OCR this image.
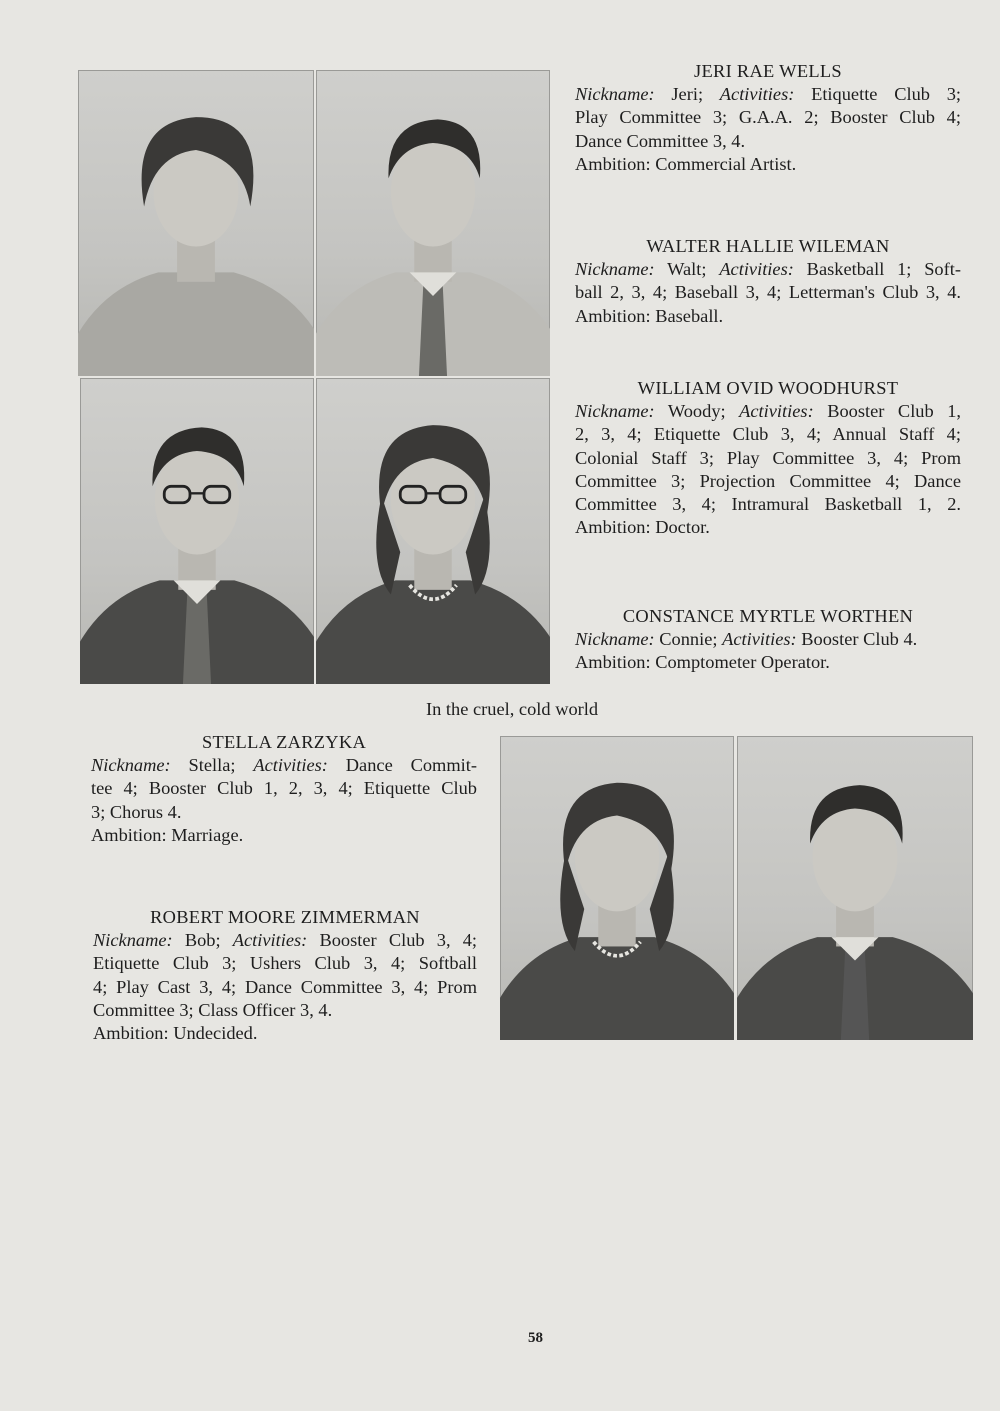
JERI RAE WELLS
Nickname: Jeri; Activities: Etiquette Club 3;
Play Committee 3; G.A.A. 2; Booster Club 4;
Dance Committee 3, 4.
Ambition: Commercial Artist.
WALTER HALLIE WILEMAN
Nickname: Walt; Activities: Basketball 1; Soft-
ball 2, 3, 4; Baseball 3, 4; Letterman's Club 3, 4.
Ambition: Baseball.
WILLIAM OVID WOODHURST
Nickname: Woody; Activities: Booster Club 1,
2, 3, 4; Etiquette Club 3, 4; Annual Staff 4;
Colonial Staff 3; Play Committee 3, 4; Prom
Committee 3; Projection Committee 4; Dance
Committee 3, 4; Intramural Basketball 1, 2.
Ambition: Doctor.
CONSTANCE MYRTLE WORTHEN
Nickname: Connie; Activities: Booster Club 4.
Ambition: Comptometer Operator.
In the cruel, cold world
STELLA ZARZYKA
Nickname: Stella; Activities: Dance Commit-
tee 4; Booster Club 1, 2, 3, 4; Etiquette Club
3; Chorus 4.
Ambition: Marriage.
ROBERT MOORE ZIMMERMAN
Nickname: Bob; Activities: Booster Club 3, 4;
Etiquette Club 3; Ushers Club 3, 4; Softball
4; Play Cast 3, 4; Dance Committee 3, 4; Prom
Committee 3; Class Officer 3, 4.
Ambition: Undecided.
58
